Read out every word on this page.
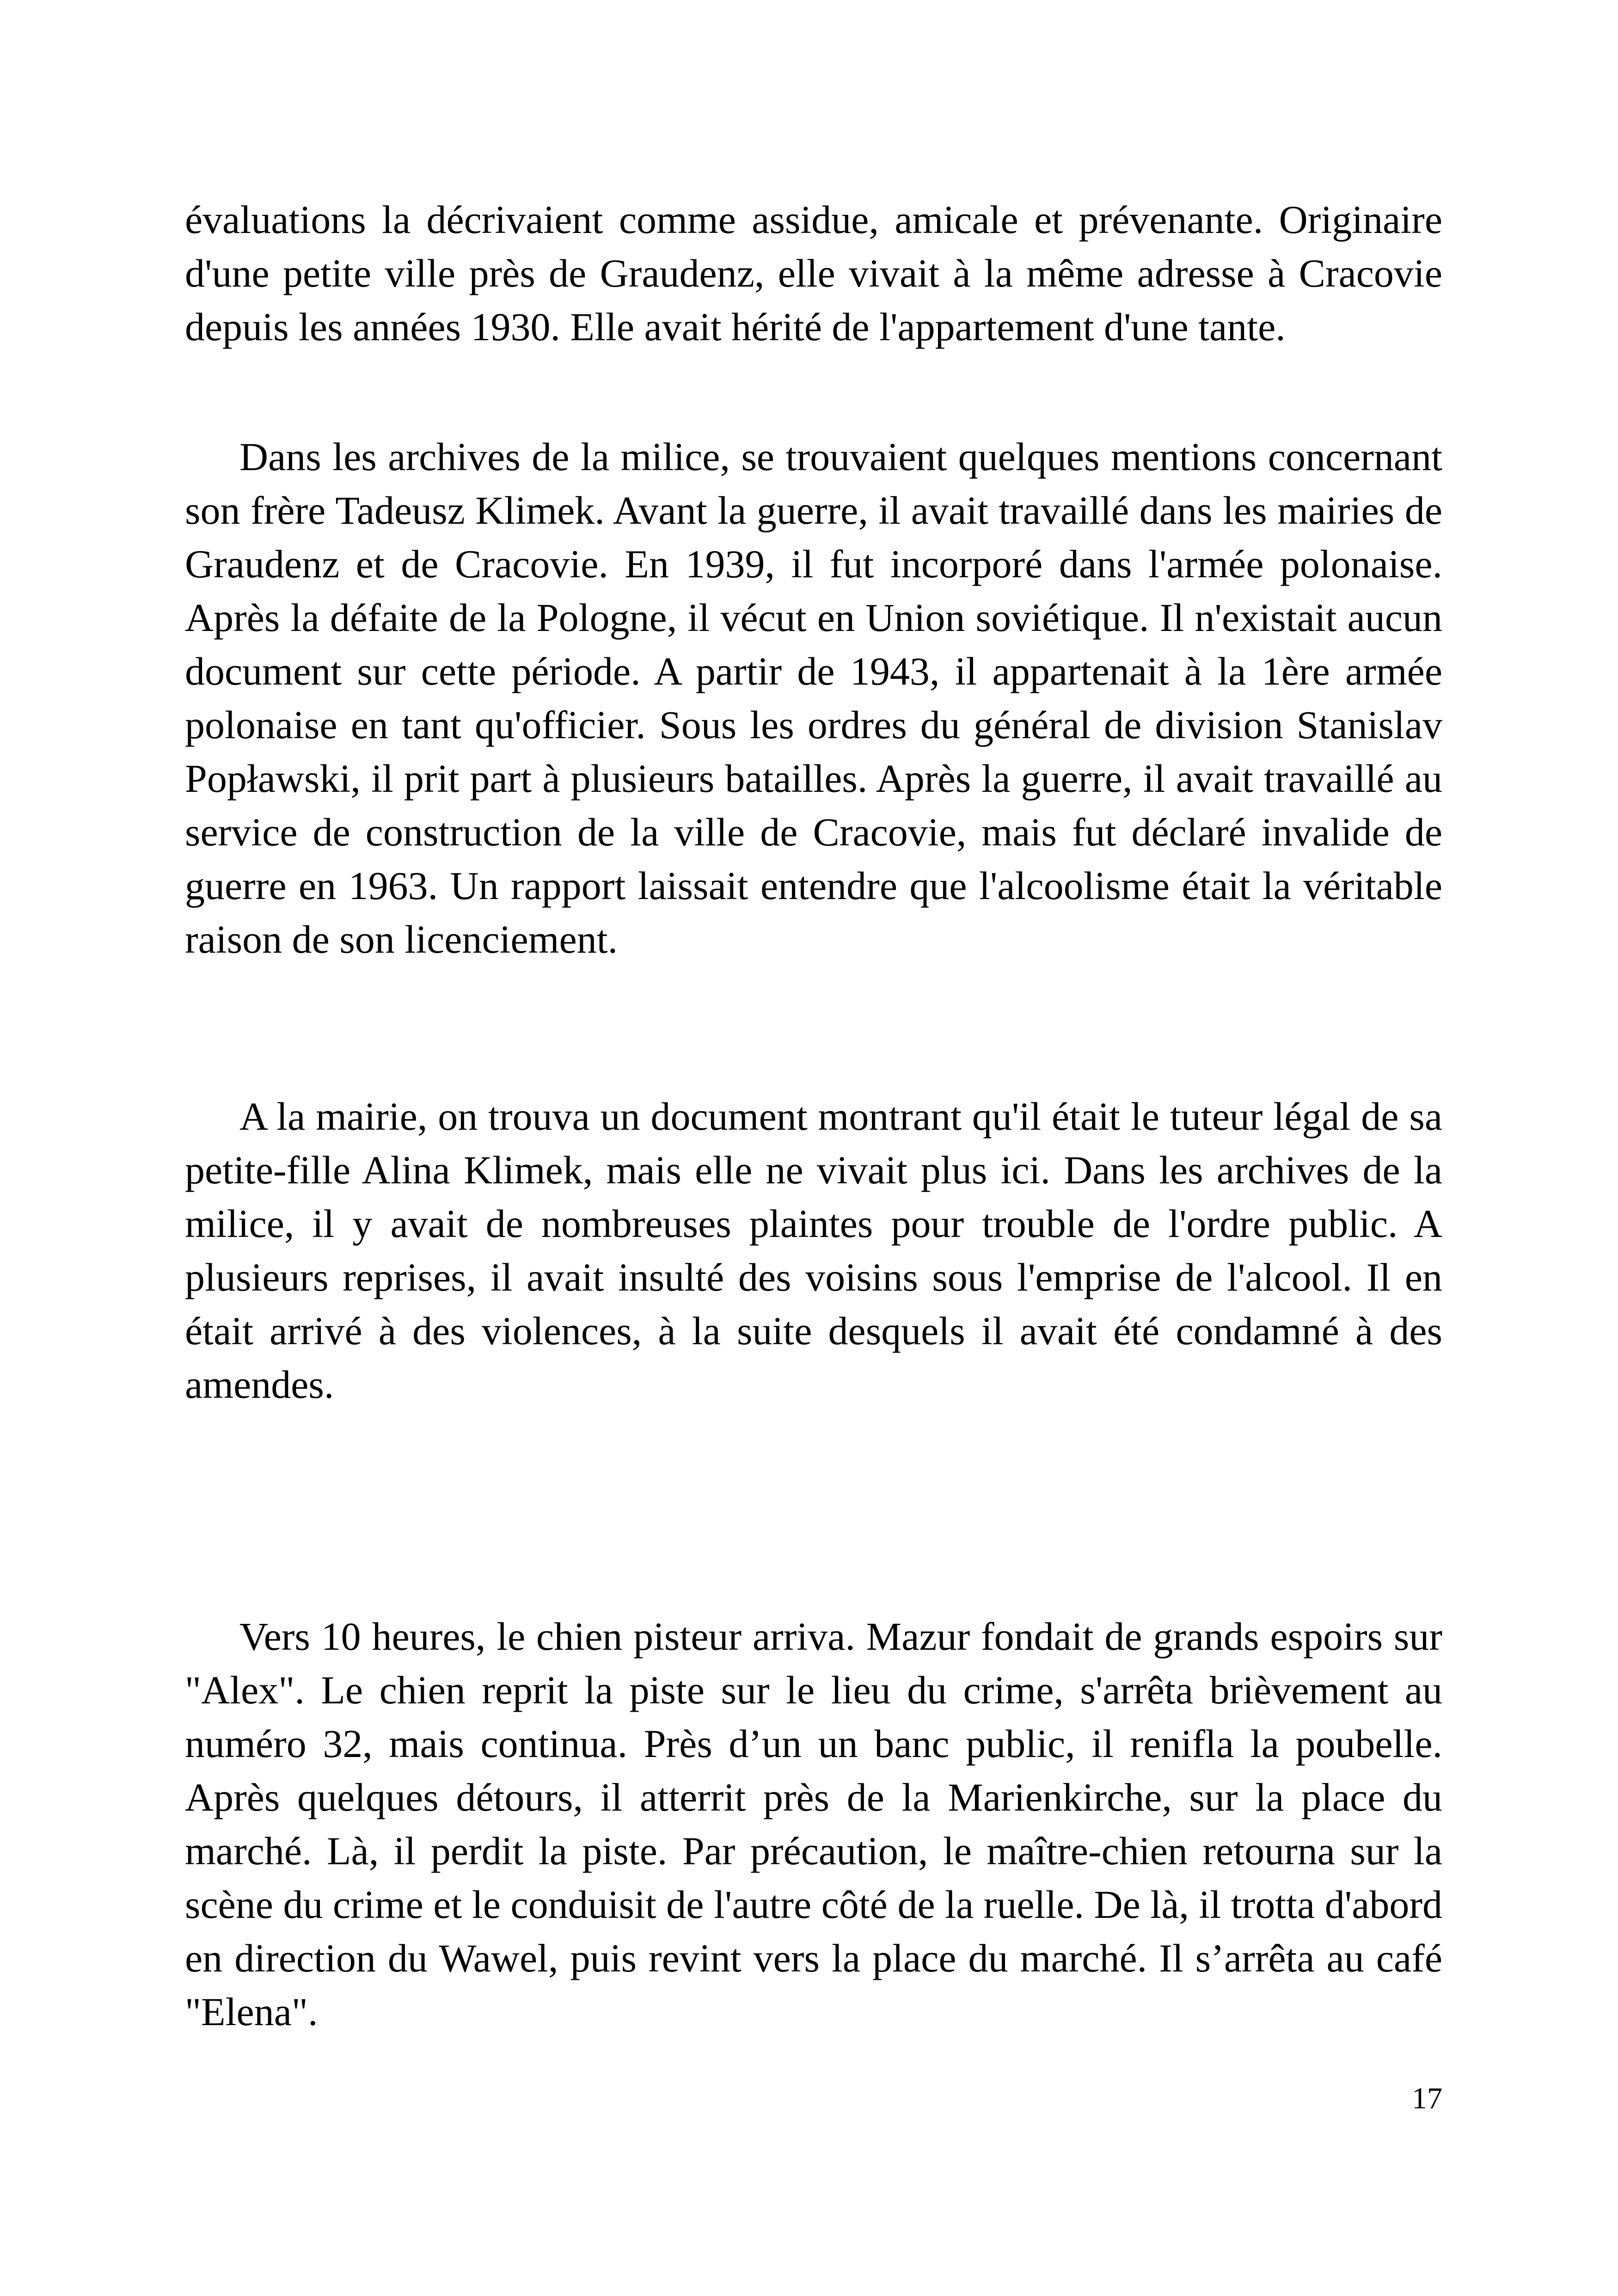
évaluations la décrivaient comme assidue, amicale et prévenante. Originaire d'une petite ville près de Graudenz, elle vivait à la même adresse à Cracovie depuis les années 1930. Elle avait hérité de l'appartement d'une tante.

Dans les archives de la milice, se trouvaient quelques mentions concernant son frère Tadeusz Klimek. Avant la guerre, il avait travaillé dans les mairies de Graudenz et de Cracovie. En 1939, il fut incorporé dans l'armée polonaise. Après la défaite de la Pologne, il vécut en Union soviétique. Il n'existait aucun document sur cette période. A partir de 1943, il appartenait à la 1ère armée polonaise en tant qu'officier. Sous les ordres du général de division Stanislav Popławski, il prit part à plusieurs batailles. Après la guerre, il avait travaillé au service de construction de la ville de Cracovie, mais fut déclaré invalide de guerre en 1963. Un rapport laissait entendre que l'alcoolisme était la véritable raison de son licenciement.

A la mairie, on trouva un document montrant qu'il était le tuteur légal de sa petite-fille Alina Klimek, mais elle ne vivait plus ici. Dans les archives de la milice, il y avait de nombreuses plaintes pour trouble de l'ordre public. A plusieurs reprises, il avait insulté des voisins sous l'emprise de l'alcool. Il en était arrivé à des violences, à la suite desquels il avait été condamné à des amendes.

Vers 10 heures, le chien pisteur arriva. Mazur fondait de grands espoirs sur "Alex". Le chien reprit la piste sur le lieu du crime, s'arrêta brièvement au numéro 32, mais continua. Près d’un un banc public, il renifla la poubelle. Après quelques détours, il atterrit près de la Marienkirche, sur la place du marché. Là, il perdit la piste. Par précaution, le maître-chien retourna sur la scène du crime et le conduisit de l'autre côté de la ruelle. De là, il trotta d'abord en direction du Wawel, puis revint vers la place du marché. Il s’arrêta au café "Elena".

17
